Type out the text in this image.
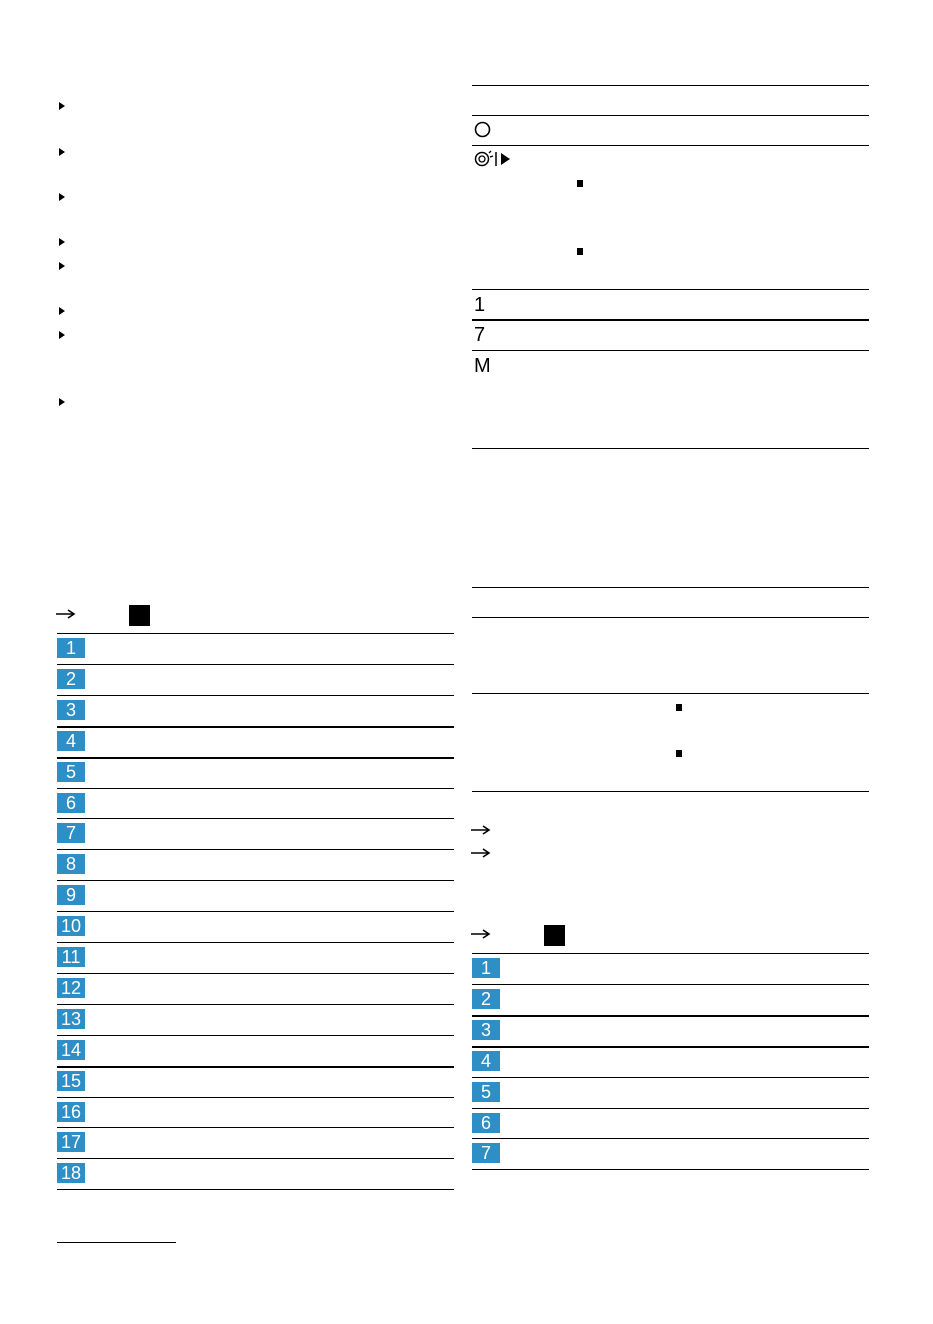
1
2
3
4
5
6
7
8
9
10
11
12
13
14
15
16
17
18
1
7
M
1
2
3
4
5
6
7
